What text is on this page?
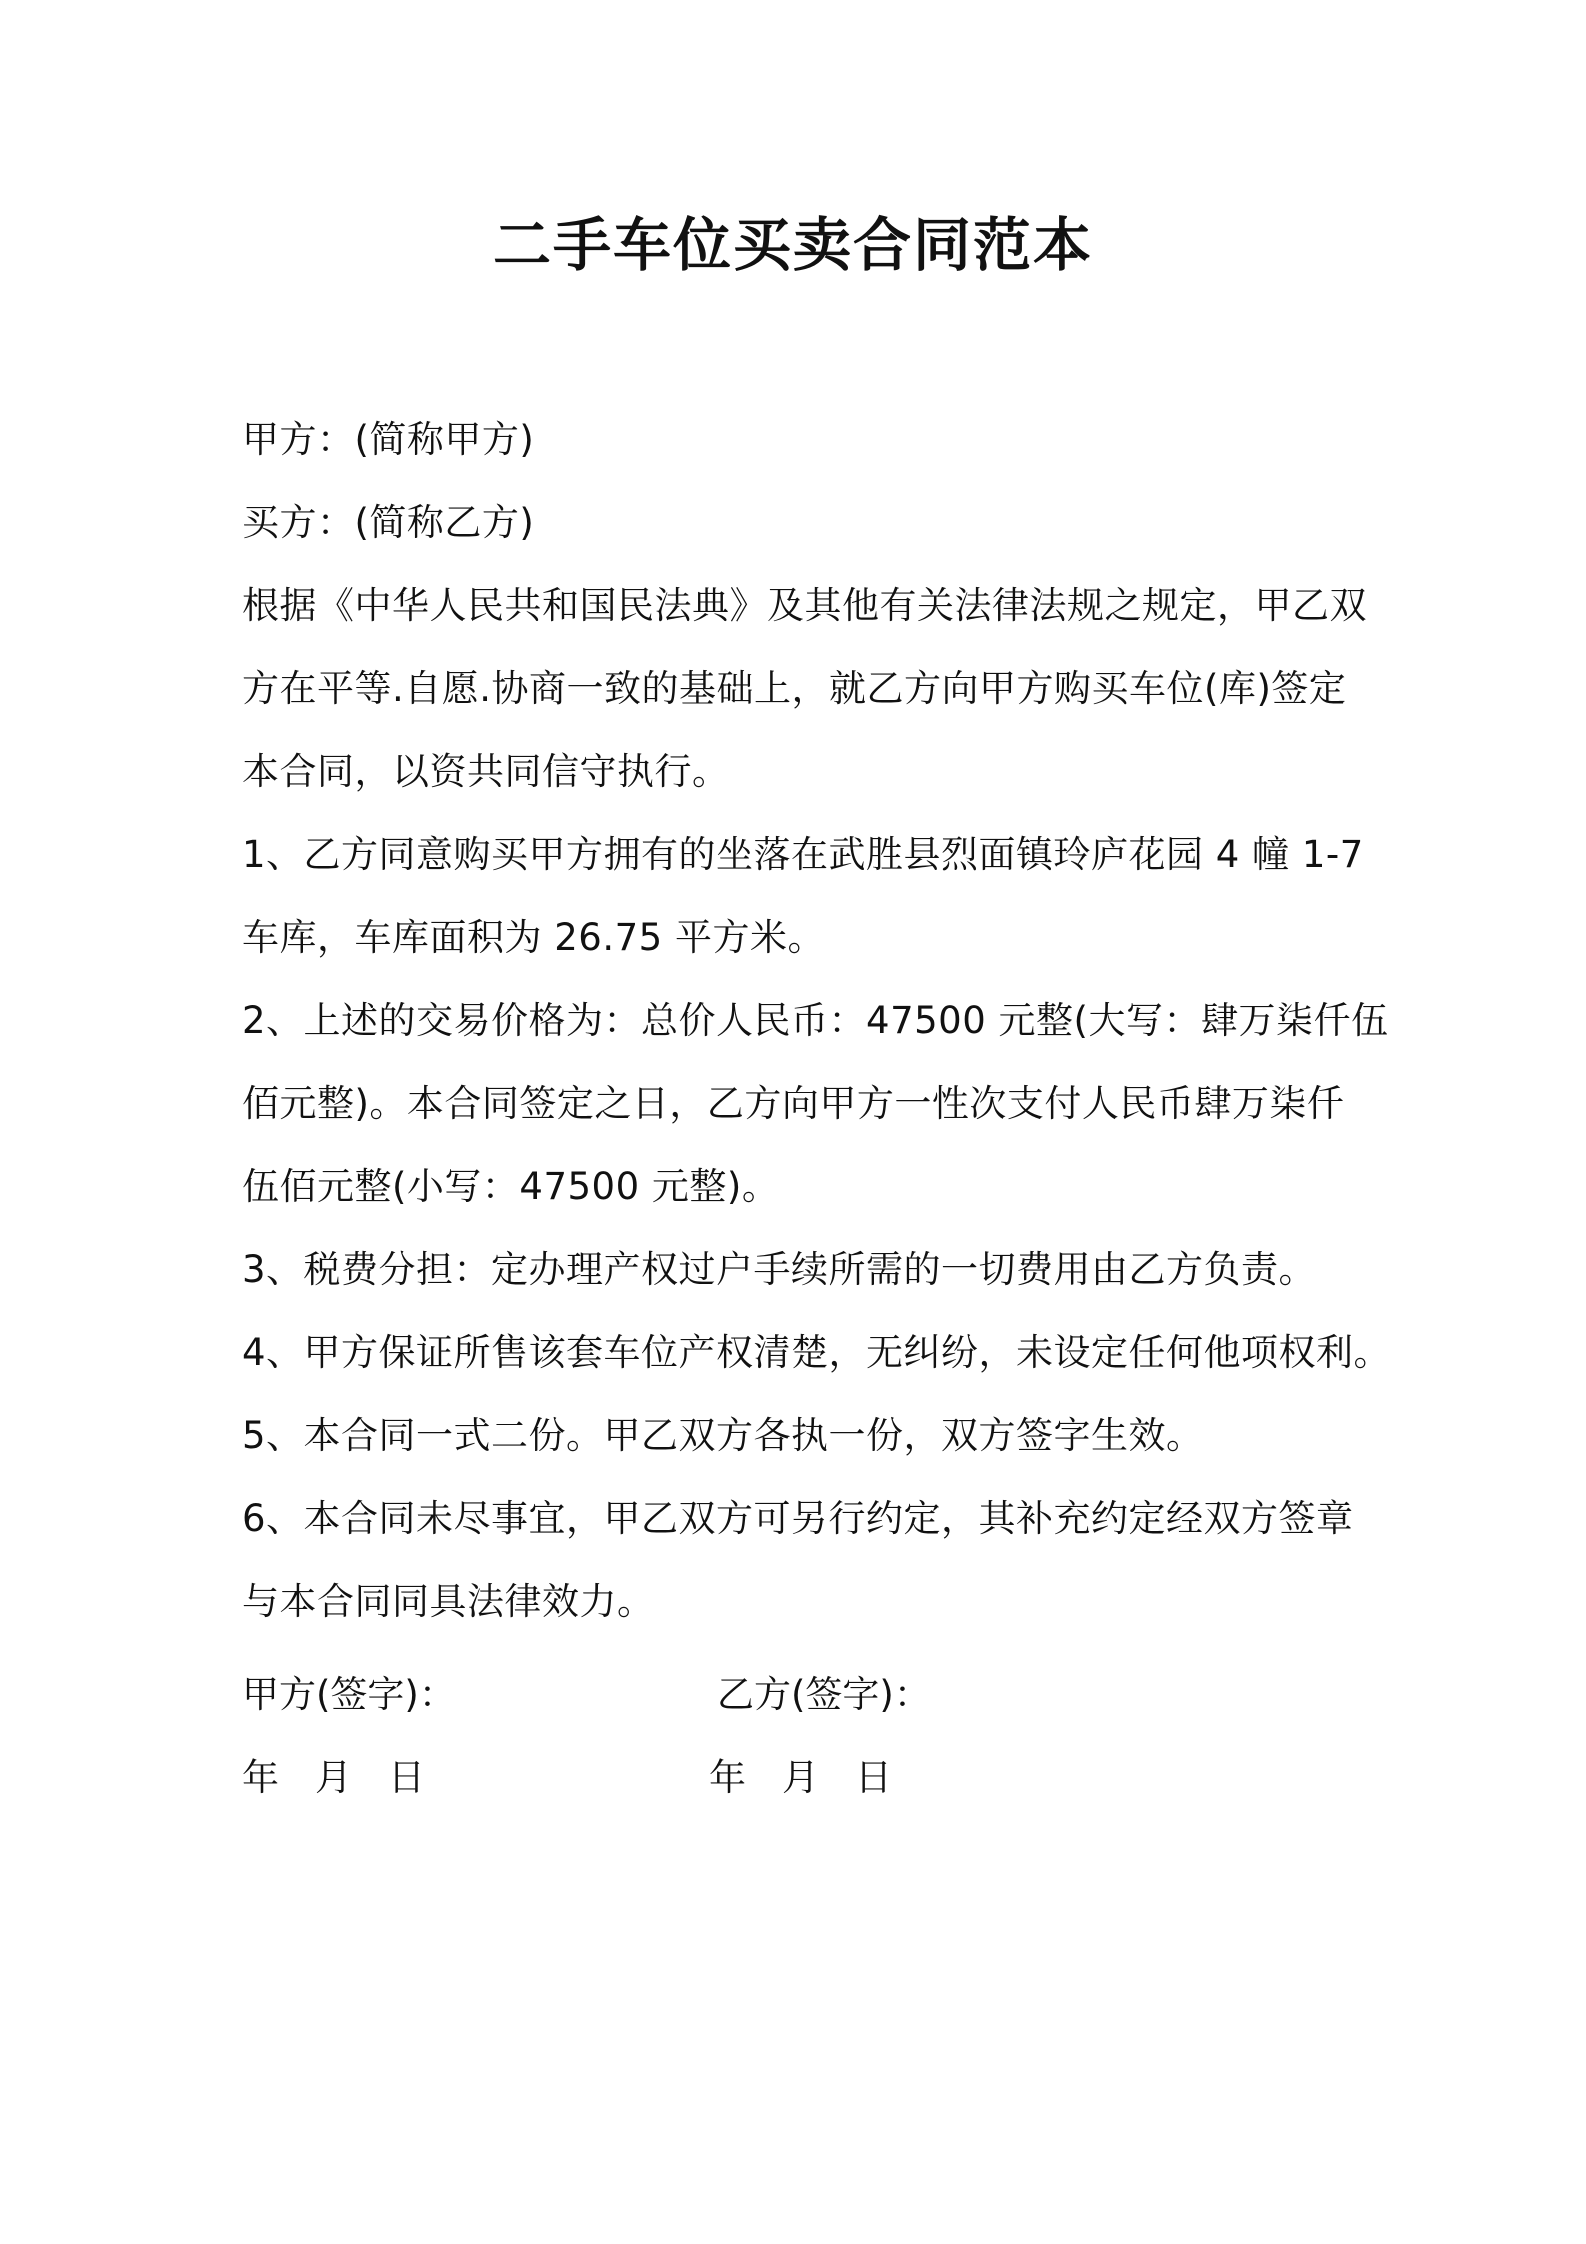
二手车位买卖合同范本
甲方：(简称甲方)
买方：(简称乙方)
根据《中华人民共和国民法典》及其他有关法律法规之规定，甲乙双
方在平等.自愿.协商一致的基础上，就乙方向甲方购买车位(库)签定
本合同，以资共同信守执行。
1、乙方同意购买甲方拥有的坐落在武胜县烈面镇玲庐花园 4 幢 1-7
车库，车库面积为 26.75 平方米。
2、上述的交易价格为：总价人民币：47500 元整(大写：肆万柒仟伍
佰元整)。本合同签定之日，乙方向甲方一性次支付人民币肆万柒仟
伍佰元整(小写：47500 元整)。
3、税费分担：定办理产权过户手续所需的一切费用由乙方负责。
4、甲方保证所售该套车位产权清楚，无纠纷，未设定任何他项权利。
5、本合同一式二份。甲乙双方各执一份，双方签字生效。
6、本合同未尽事宜，甲乙双方可另行约定，其补充约定经双方签章
与本合同同具法律效力。
甲方(签字)：	乙方(签字)：
年 月 日	年 月 日
